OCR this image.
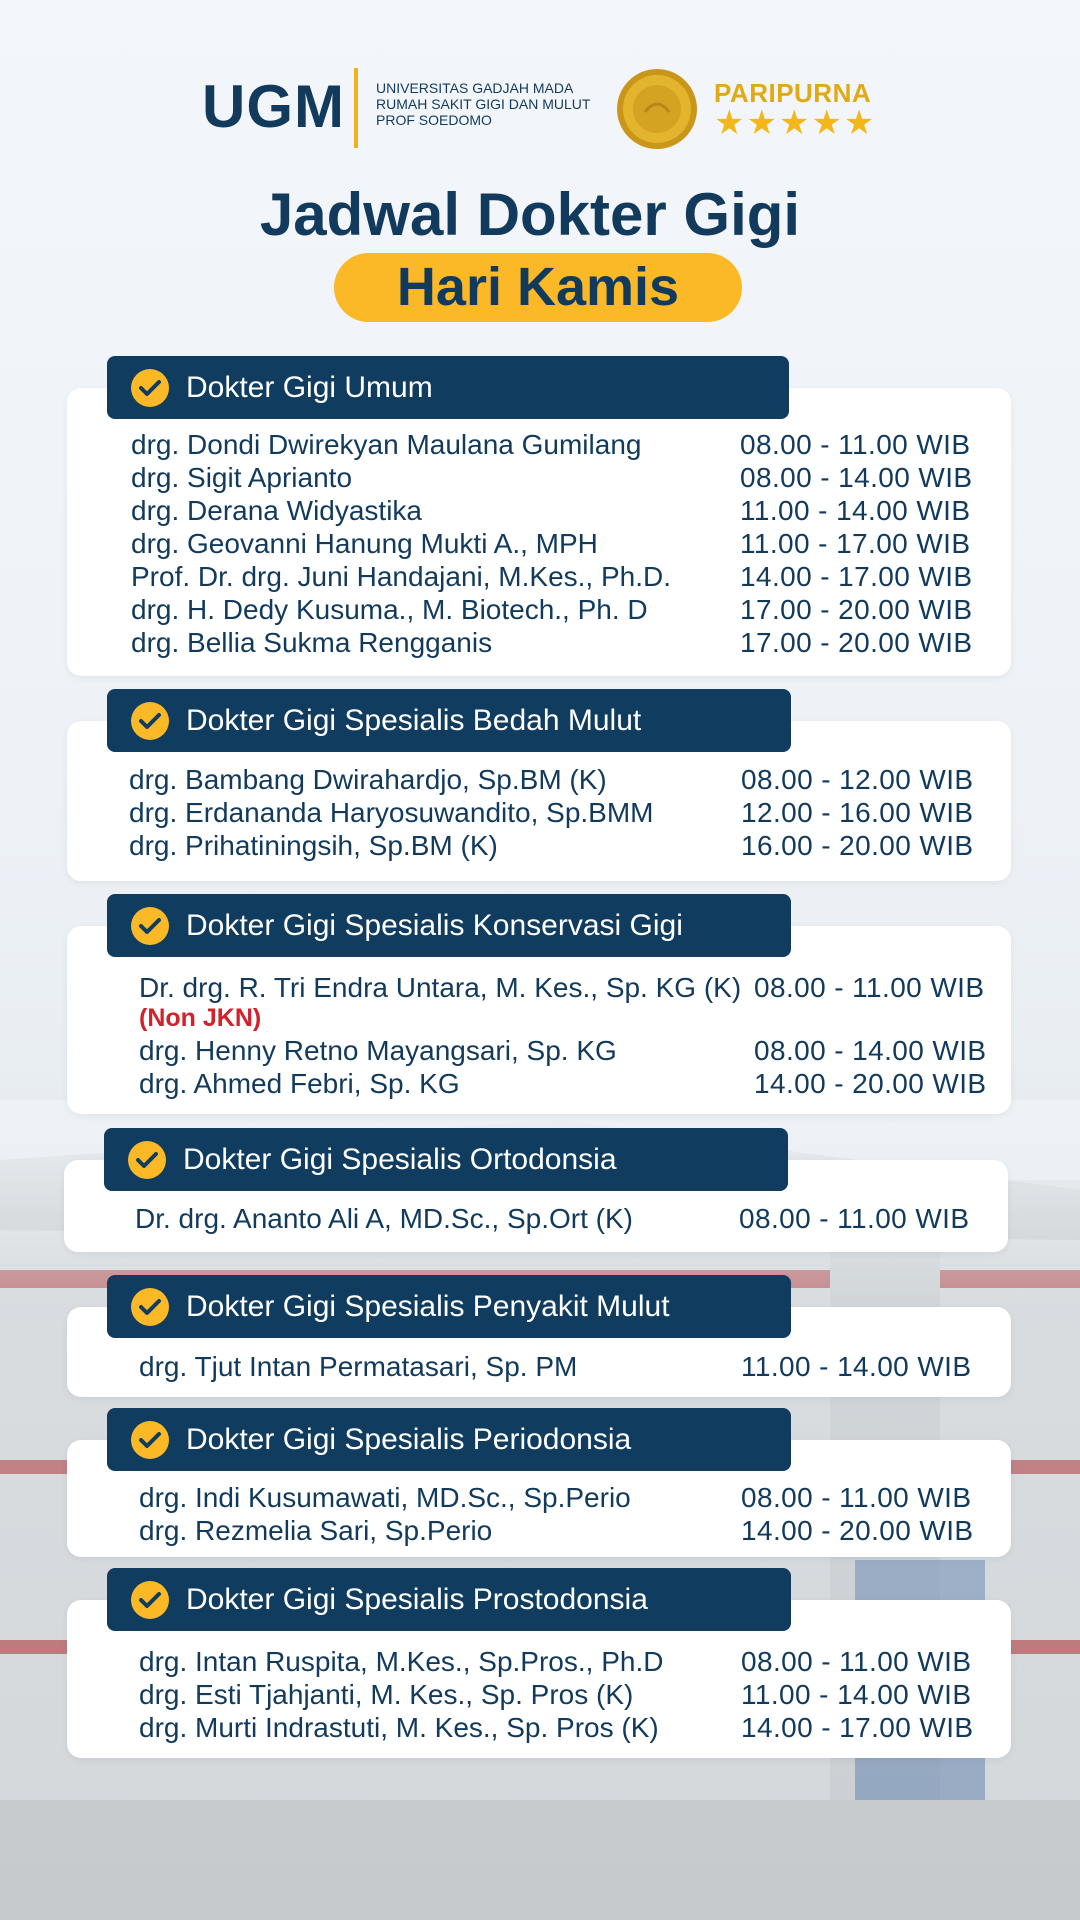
UGM UNIVERSITAS GADJAH MADA
RUMAH SAKIT GIGI DAN MULUT
PROF SOEDOMO
PARIPURNA
★★★★★
Jadwal Dokter Gigi
Hari Kamis
Dokter Gigi Umum
drg. Dondi Dwirekyan Maulana Gumilang	08.00 - 11.00 WIB
drg. Sigit Aprianto	08.00 - 14.00 WIB
drg. Derana Widyastika	11.00 - 14.00 WIB
drg. Geovanni Hanung Mukti A., MPH	11.00 - 17.00 WIB
Prof. Dr. drg. Juni Handajani, M.Kes., Ph.D. 14.00 - 17.00 WIB
drg. H. Dedy Kusuma., M. Biotech., Ph. D	17.00 - 20.00 WIB
drg. Bellia Sukma Rengganis	17.00 - 20.00 WIB
Dokter Gigi Spesialis Bedah Mulut
drg. Bambang Dwirahardjo, Sp.BM (K)	08.00 - 12.00 WIB
drg. Erdananda Haryosuwandito, Sp.BMM	12.00 - 16.00 WIB
drg. Prihatiningsih, Sp.BM (K)	16.00 - 20.00 WIB
Dokter Gigi Spesialis Konservasi Gigi
Dr. drg. R. Tri Endra Untara, M. Kes., Sp. KG (K) 08.00 - 11.00 WIB
(Non JKN)
drg. Henny Retno Mayangsari, Sp. KG	08.00 - 14.00 WIB
drg. Ahmed Febri, Sp. KG	14.00 - 20.00 WIB
Dokter Gigi Spesialis Ortodonsia
Dr. drg. Ananto Ali A, MD.Sc., Sp.Ort (K)	08.00 - 11.00 WIB
Dokter Gigi Spesialis Penyakit Mulut
drg. Tjut Intan Permatasari, Sp. PM	11.00 - 14.00 WIB
Dokter Gigi Spesialis Periodonsia
drg. Indi Kusumawati, MD.Sc., Sp.Perio	08.00 - 11.00 WIB
drg. Rezmelia Sari, Sp.Perio	14.00 - 20.00 WIB
Dokter Gigi Spesialis Prostodonsia
drg. Intan Ruspita, M.Kes., Sp.Pros., Ph.D	08.00 - 11.00 WIB
drg. Esti Tjahjanti, M. Kes., Sp. Pros (K)	11.00 - 14.00 WIB
drg. Murti Indrastuti, M. Kes., Sp. Pros (K)	14.00 - 17.00 WIB
